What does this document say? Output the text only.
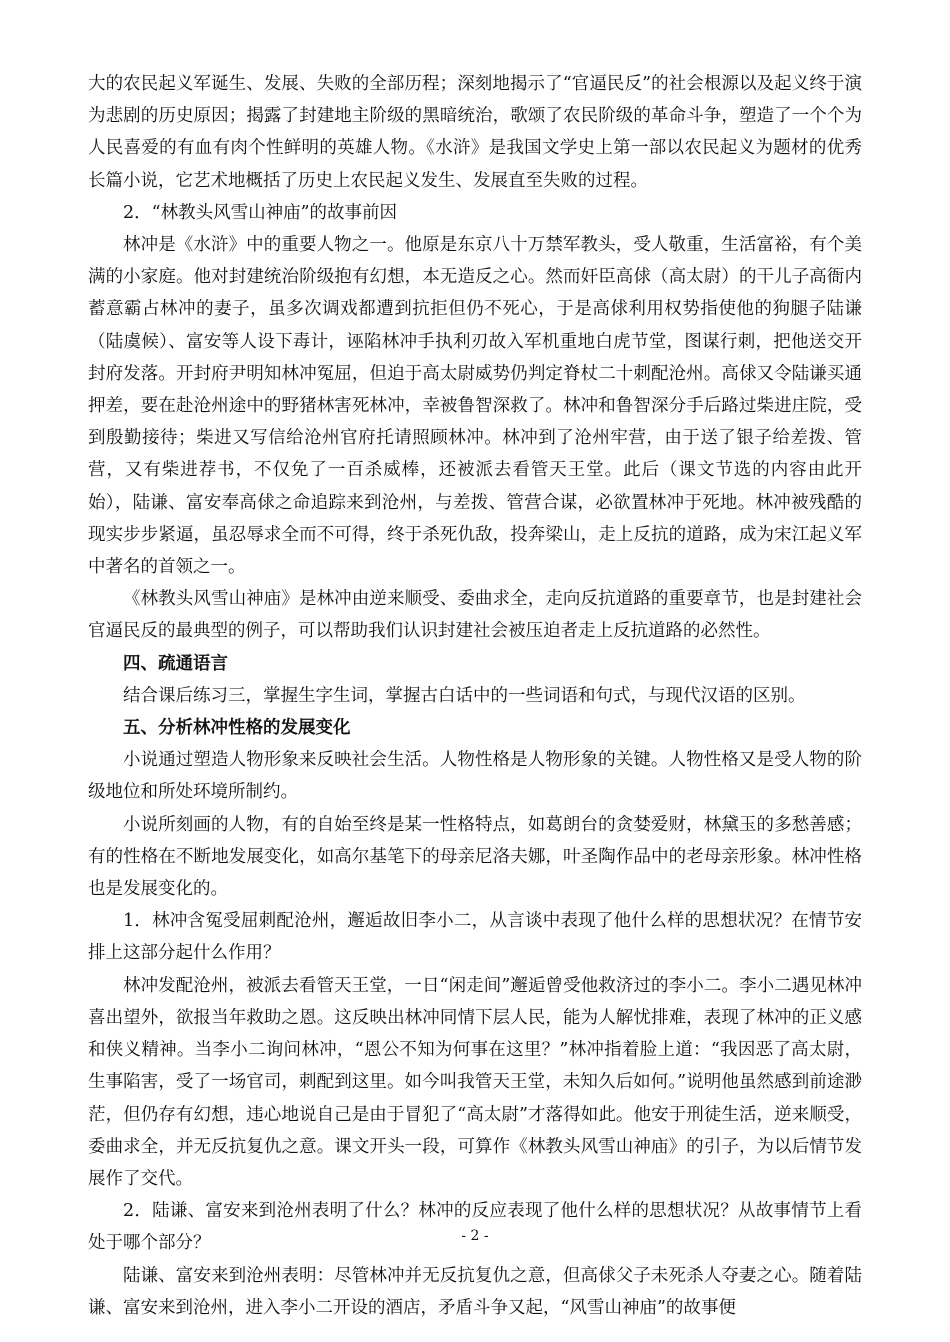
大的农民起义军诞生、发展、失败的全部历程；深刻地揭示了“官逼民反”的社会根源以及起义终于演为悲剧的历史原因；揭露了封建地主阶级的黑暗统治，歌颂了农民阶级的革命斗争，塑造了一个个为人民喜爱的有血有肉个性鲜明的英雄人物。《水浒》是我国文学史上第一部以农民起义为题材的优秀长篇小说，它艺术地概括了历史上农民起义发生、发展直至失败的过程。

2．“林教头风雪山神庙”的故事前因

林冲是《水浒》中的重要人物之一。他原是东京八十万禁军教头，受人敬重，生活富裕，有个美满的小家庭。他对封建统治阶级抱有幻想，本无造反之心。然而奸臣高俅（高太尉）的干儿子高衙内蓄意霸占林冲的妻子，虽多次调戏都遭到抗拒但仍不死心，于是高俅利用权势指使他的狗腿子陆谦（陆虞候）、富安等人设下毒计，诬陷林冲手执利刃故入军机重地白虎节堂，图谋行刺，把他送交开封府发落。开封府尹明知林冲冤屈，但迫于高太尉威势仍判定脊杖二十刺配沧州。高俅又令陆谦买通押差，要在赴沧州途中的野猪林害死林冲，幸被鲁智深救了。林冲和鲁智深分手后路过柴进庄院，受到殷勤接待；柴进又写信给沧州官府托请照顾林冲。林冲到了沧州牢营，由于送了银子给差拨、管营，又有柴进荐书，不仅免了一百杀威棒，还被派去看管天王堂。此后（课文节选的内容由此开始），陆谦、富安奉高俅之命追踪来到沧州，与差拨、管营合谋，必欲置林冲于死地。林冲被残酷的现实步步紧逼，虽忍辱求全而不可得，终于杀死仇敌，投奔梁山，走上反抗的道路，成为宋江起义军中著名的首领之一。

《林教头风雪山神庙》是林冲由逆来顺受、委曲求全，走向反抗道路的重要章节，也是封建社会官逼民反的最典型的例子，可以帮助我们认识封建社会被压迫者走上反抗道路的必然性。

四、疏通语言

结合课后练习三，掌握生字生词，掌握古白话中的一些词语和句式，与现代汉语的区别。

五、分析林冲性格的发展变化

小说通过塑造人物形象来反映社会生活。人物性格是人物形象的关键。人物性格又是受人物的阶级地位和所处环境所制约。

小说所刻画的人物，有的自始至终是某一性格特点，如葛朗台的贪婪爱财，林黛玉的多愁善感；有的性格在不断地发展变化，如高尔基笔下的母亲尼洛夫娜，叶圣陶作品中的老母亲形象。林冲性格也是发展变化的。

1．林冲含冤受屈刺配沧州，邂逅故旧李小二，从言谈中表现了他什么样的思想状况？在情节安排上这部分起什么作用？

林冲发配沧州，被派去看管天王堂，一日“闲走间”邂逅曾受他救济过的李小二。李小二遇见林冲喜出望外，欲报当年救助之恩。这反映出林冲同情下层人民，能为人解忧排难，表现了林冲的正义感和侠义精神。当李小二询问林冲，“恩公不知为何事在这里？”林冲指着脸上道：“我因恶了高太尉，生事陷害，受了一场官司，刺配到这里。如今叫我管天王堂，未知久后如何。”说明他虽然感到前途渺茫，但仍存有幻想，违心地说自己是由于冒犯了“高太尉”才落得如此。他安于刑徒生活，逆来顺受，委曲求全，并无反抗复仇之意。课文开头一段，可算作《林教头风雪山神庙》的引子，为以后情节发展作了交代。

2．陆谦、富安来到沧州表明了什么？林冲的反应表现了他什么样的思想状况？从故事情节上看处于哪个部分？

陆谦、富安来到沧州表明：尽管林冲并无反抗复仇之意，但高俅父子未死杀人夺妻之心。随着陆谦、富安来到沧州，进入李小二开设的酒店，矛盾斗争又起，“风雪山神庙”的故事便

- 2 -
